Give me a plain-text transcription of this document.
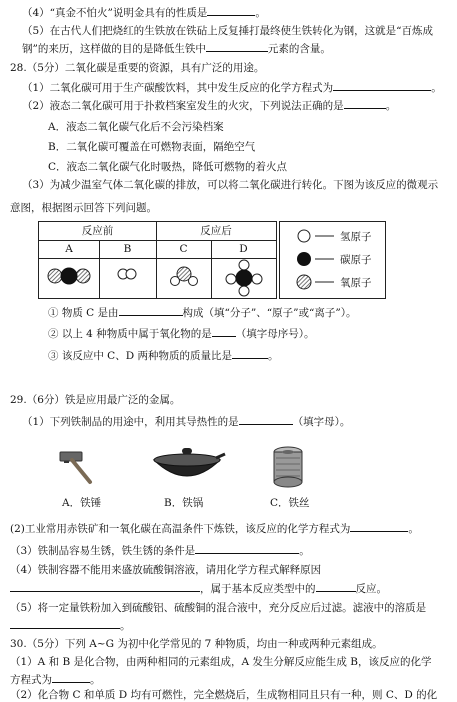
（4）“真金不怕火”说明金具有的性质是	。
（5）在古代人们把烧红的生铁放在铁砧上反复捶打最终使生铁转化为钢，这就是“百炼成
钢”的来历，这样做的目的是降低生铁中	元素的含量。
28.（5分）二氧化碳是重要的资源，具有广泛的用途。
（1）二氧化碳可用于生产碳酸饮料，其中发生反应的化学方程式为	。
（2）液态二氧化碳可用于扑救档案室发生的火灾，下列说法正确的是	。
A．液态二氧化碳气化后不会污染档案
B．二氧化碳可覆盖在可燃物表面，隔绝空气
C．液态二氧化碳气化时吸热，降低可燃物的着火点
（3）为减少温室气体二氧化碳的排放，可以将二氧化碳进行转化。下图为该反应的微观示
意图，根据图示回答下列问题。
反应前	反应后
A	B	C	D
氢原子
碳原子
氧原子
① 物质 C 是由	构成（填“分子”、“原子”或“离子”）。
② 以上 4 种物质中属于氧化物的是 （填字母序号）。
③ 该反应中 C、D 两种物质的质量比是	。
29.（6分）铁是应用最广泛的金属。
（1）下列铁制品的用途中，利用其导热性的是	（填字母）。
A．铁锤	B．铁锅	C．铁丝
(2)工业常用赤铁矿和一氧化碳在高温条件下炼铁，该反应的化学方程式为	。
（3）铁制品容易生锈，铁生锈的条件是	。
（4）铁制容器不能用来盛放硫酸铜溶液，请用化学方程式解释原因
，属于基本反应类型中的	反应。
（5）将一定量铁粉加入到硫酸铝、硫酸铜的混合液中，充分反应后过滤。滤液中的溶质是
。
30.（5分）下列 A~G 为初中化学常见的 7 种物质，均由一种或两种元素组成。
（1）A 和 B 是化合物，由两种相同的元素组成，A 发生分解反应能生成 B，该反应的化学
方程式为	。
（2）化合物 C 和单质 D 均有可燃性，完全燃烧后，生成物相同且只有一种，则 C、D 的化
